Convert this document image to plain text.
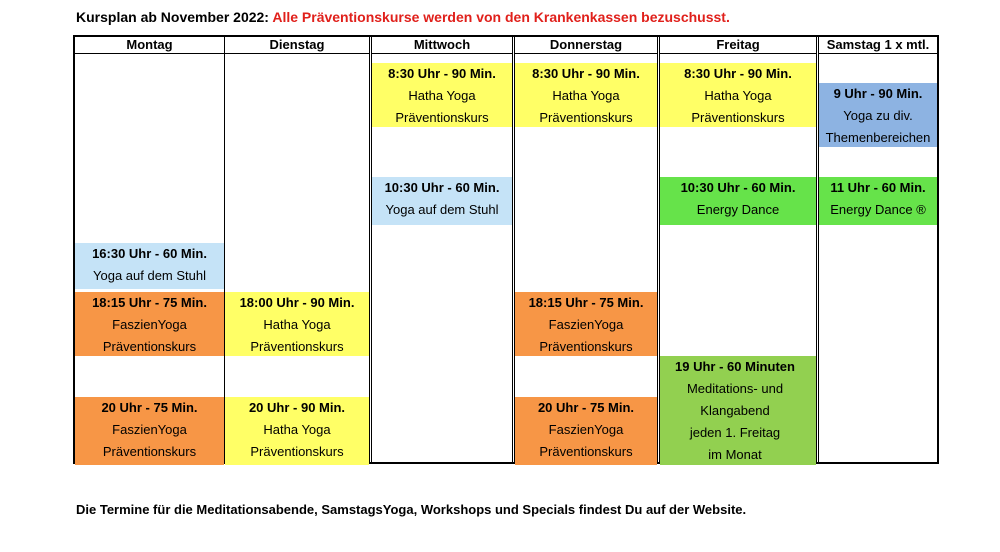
Kursplan ab November 2022: Alle Präventionskurse werden von den Krankenkassen bezuschusst.
Montag
16:30 Uhr - 60 Min.
Yoga auf dem Stuhl
18:15 Uhr - 75 Min.
FaszienYoga
Präventionskurs
20 Uhr - 75 Min.
FaszienYoga
Präventionskurs
Dienstag
18:00 Uhr - 90 Min.
Hatha Yoga
Präventionskurs
20 Uhr - 90 Min.
Hatha Yoga
Präventionskurs
Mittwoch
8:30 Uhr - 90 Min.
Hatha Yoga
Präventionskurs
10:30 Uhr - 60 Min.
Yoga auf dem Stuhl
Donnerstag
8:30 Uhr - 90 Min.
Hatha Yoga
Präventionskurs
18:15 Uhr - 75 Min.
FaszienYoga
Präventionskurs
20 Uhr - 75 Min.
FaszienYoga
Präventionskurs
Freitag
8:30 Uhr - 90 Min.
Hatha Yoga
Präventionskurs
10:30 Uhr - 60 Min.
Energy Dance
19 Uhr - 60 Minuten
Meditations- und
Klangabend
jeden 1. Freitag
im Monat
Samstag 1 x mtl.
9 Uhr - 90 Min.
Yoga zu div.
Themenbereichen
11 Uhr - 60 Min.
Energy Dance ®
Die Termine für die Meditationsabende, SamstagsYoga, Workshops und Specials findest Du auf der Website.
